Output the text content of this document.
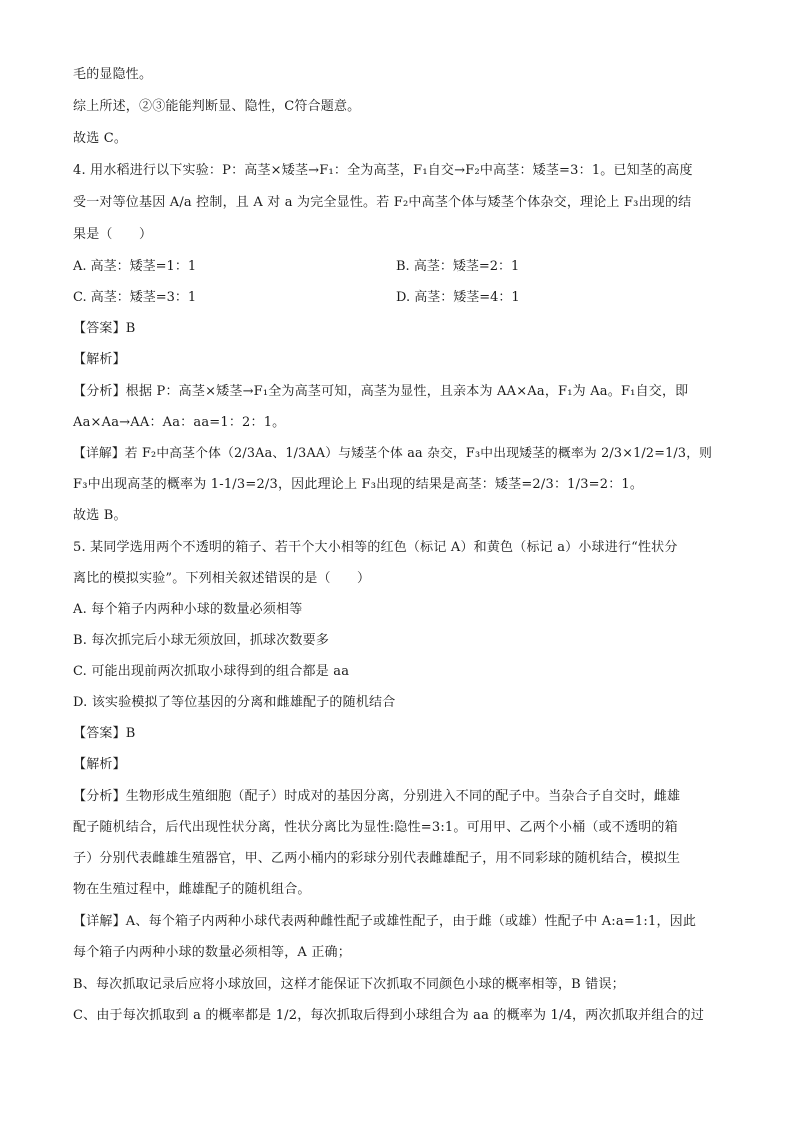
毛的显隐性。
综上所述，②③能能判断显、隐性，C符合题意。
故选 C。
4. 用水稻进行以下实验：P：高茎×矮茎→F₁：全为高茎，F₁自交→F₂中高茎：矮茎=3：1。已知茎的高度
受一对等位基因 A/a 控制，且 A 对 a 为完全显性。若 F₂中高茎个体与矮茎个体杂交，理论上 F₃出现的结
果是（　　）
A. 高茎：矮茎=1：1	B. 高茎：矮茎=2：1
C. 高茎：矮茎=3：1	D. 高茎：矮茎=4：1
【答案】B
【解析】
【分析】根据 P：高茎×矮茎→F₁全为高茎可知，高茎为显性，且亲本为 AA×Aa，F₁为 Aa。F₁自交，即
Aa×Aa→AA：Aa：aa=1：2：1。
【详解】若 F₂中高茎个体（2/3Aa、1/3AA）与矮茎个体 aa 杂交，F₃中出现矮茎的概率为 2/3×1/2=1/3，则
F₃中出现高茎的概率为 1-1/3=2/3，因此理论上 F₃出现的结果是高茎：矮茎=2/3：1/3=2：1。
故选 B。
5. 某同学选用两个不透明的箱子、若干个大小相等的红色（标记 A）和黄色（标记 a）小球进行“性状分
离比的模拟实验”。下列相关叙述错误的是（　　）
A. 每个箱子内两种小球的数量必须相等
B. 每次抓完后小球无须放回，抓球次数要多
C. 可能出现前两次抓取小球得到的组合都是 aa
D. 该实验模拟了等位基因的分离和雌雄配子的随机结合
【答案】B
【解析】
【分析】生物形成生殖细胞（配子）时成对的基因分离，分别进入不同的配子中。当杂合子自交时，雌雄
配子随机结合，后代出现性状分离，性状分离比为显性:隐性=3:1。可用甲、乙两个小桶（或不透明的箱
子）分别代表雌雄生殖器官，甲、乙两小桶内的彩球分别代表雌雄配子，用不同彩球的随机结合，模拟生
物在生殖过程中，雌雄配子的随机组合。
【详解】A、每个箱子内两种小球代表两种雌性配子或雄性配子，由于雌（或雄）性配子中 A:a=1:1，因此
每个箱子内两种小球的数量必须相等，A 正确；
B、每次抓取记录后应将小球放回，这样才能保证下次抓取不同颜色小球的概率相等，B 错误；
C、由于每次抓取到 a 的概率都是 1/2，每次抓取后得到小球组合为 aa 的概率为 1/4，两次抓取并组合的过
